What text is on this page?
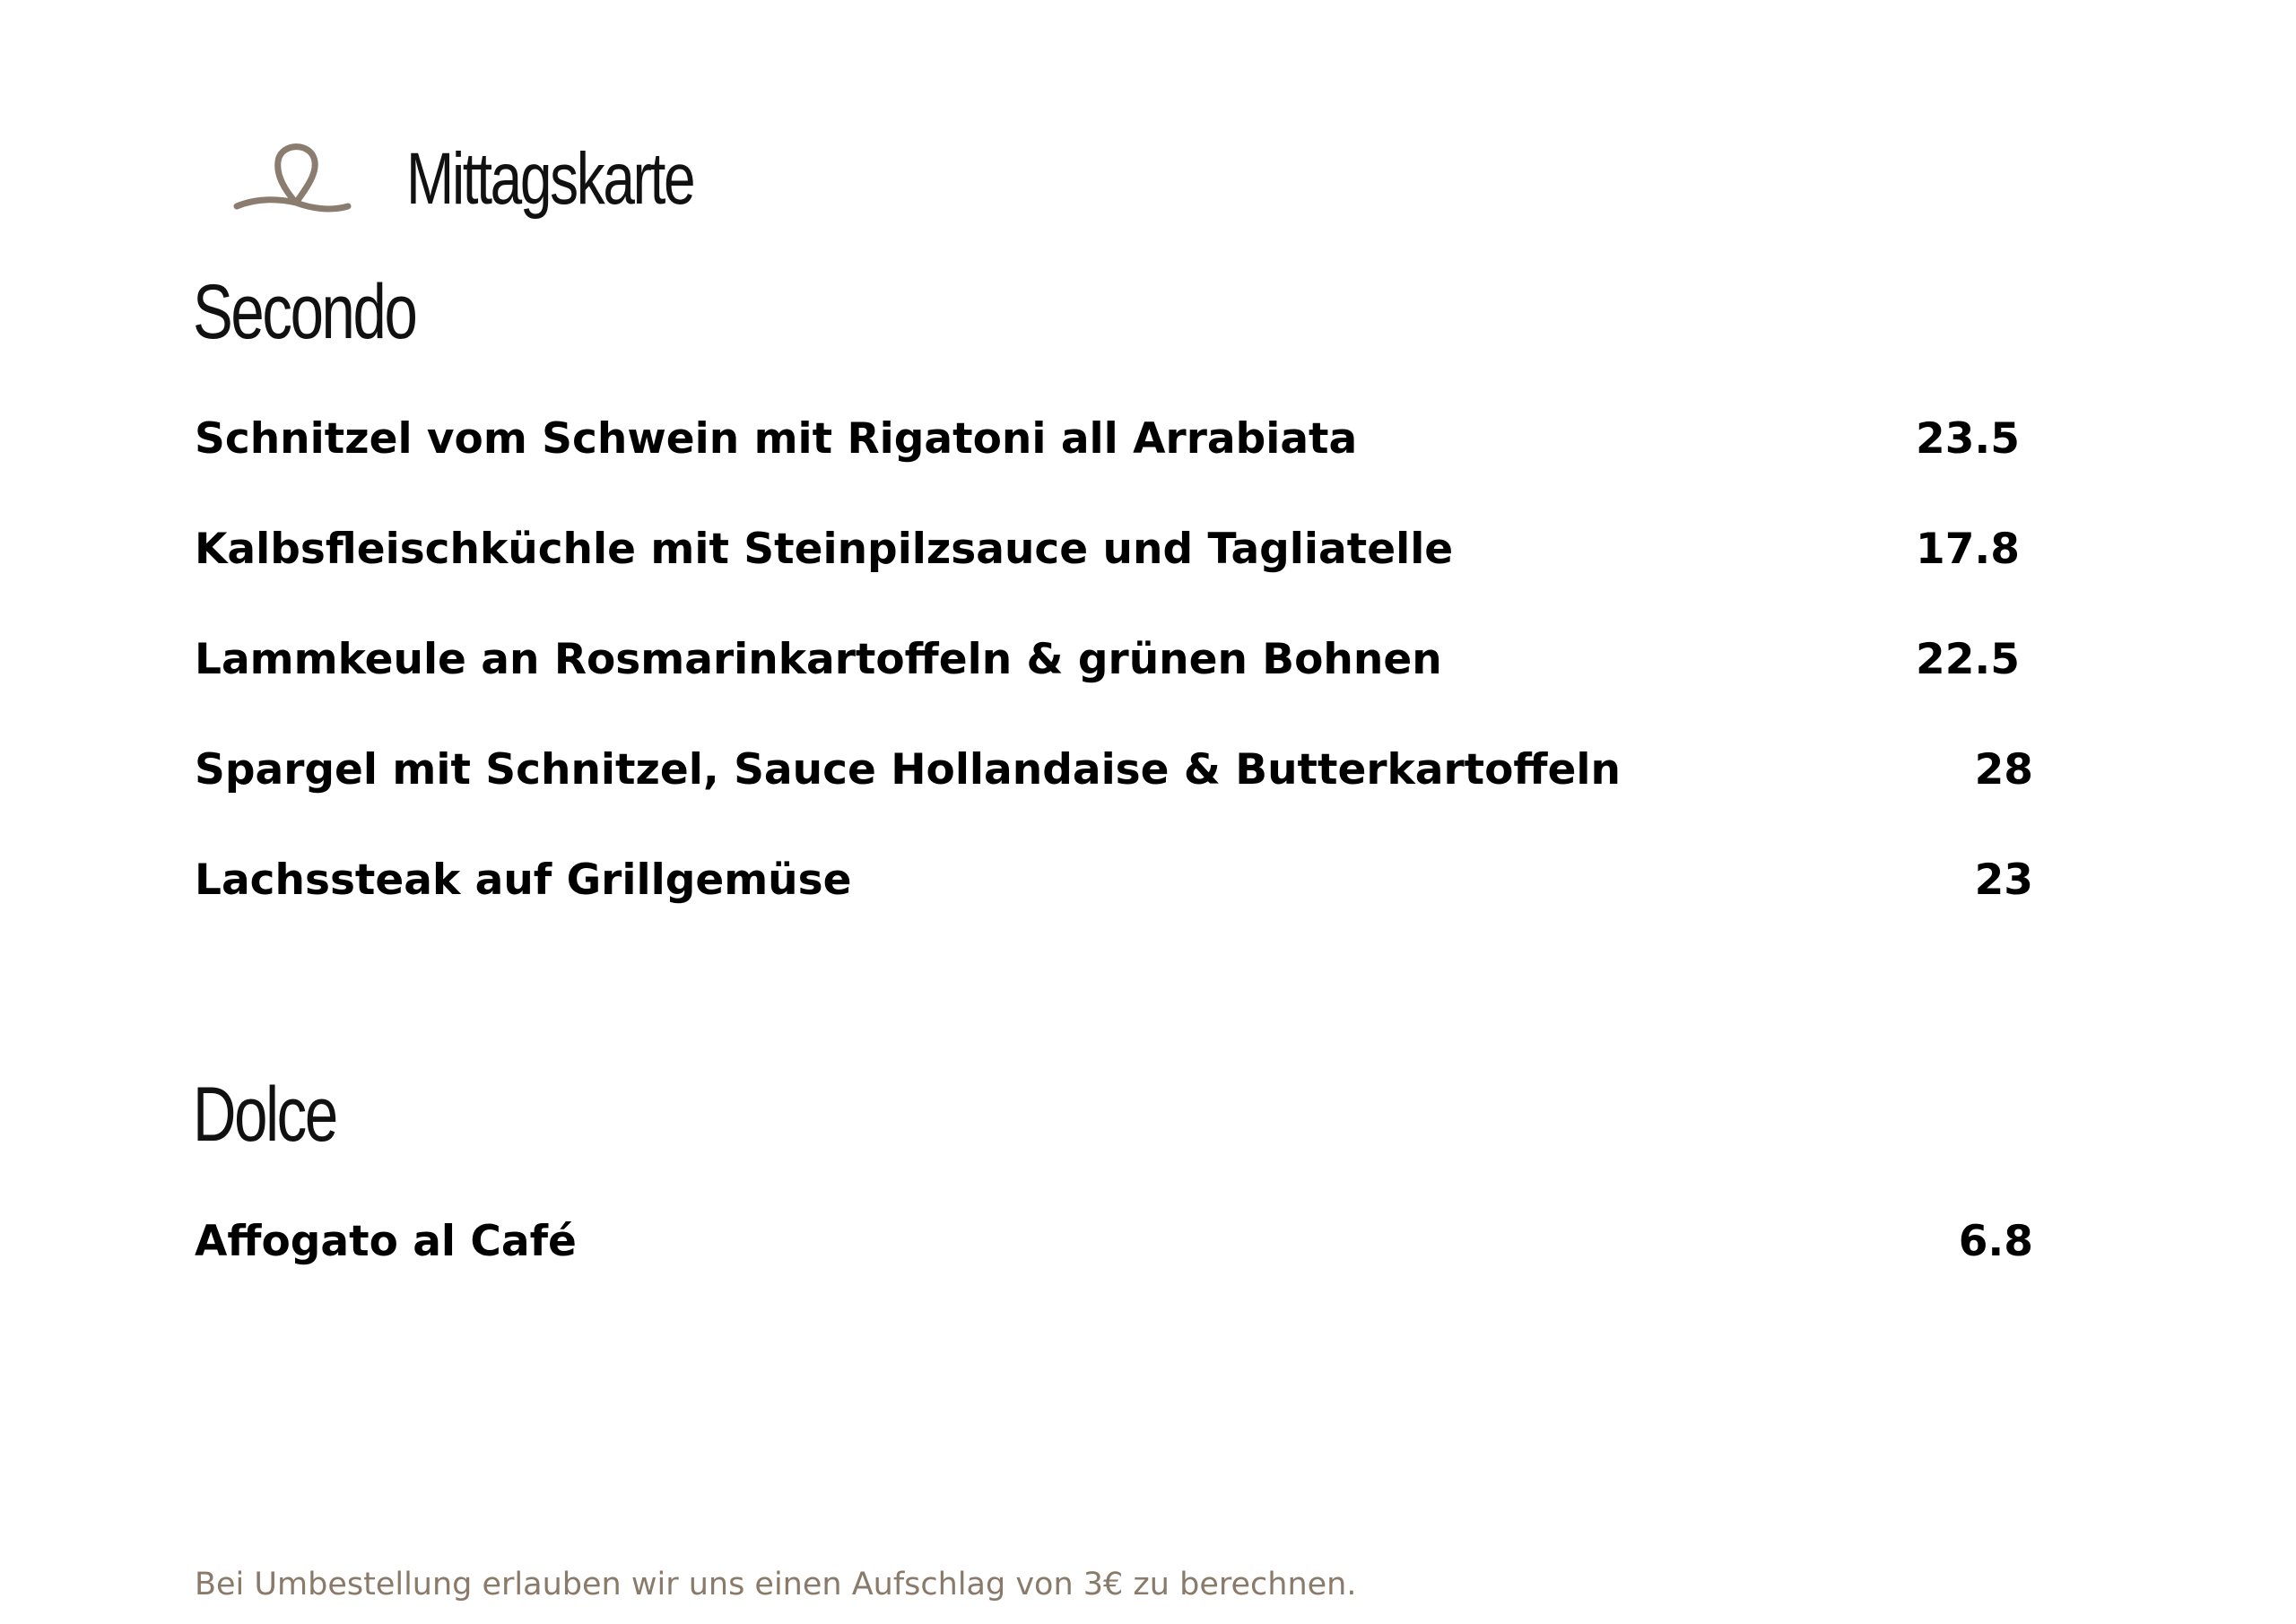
Mittagskarte
Secondo
Schnitzel vom Schwein mit Rigatoni all Arrabiata	23.5
Kalbsfleischküchle mit Steinpilzsauce und Tagliatelle	17.8
Lammkeule an Rosmarinkartoffeln & grünen Bohnen	22.5
Spargel mit Schnitzel, Sauce Hollandaise & Butterkartoffeln	28
Lachssteak auf Grillgemüse	23
Dolce
Affogato al Café	6.8
Bei Umbestellung erlauben wir uns einen Aufschlag von 3€ zu berechnen.
